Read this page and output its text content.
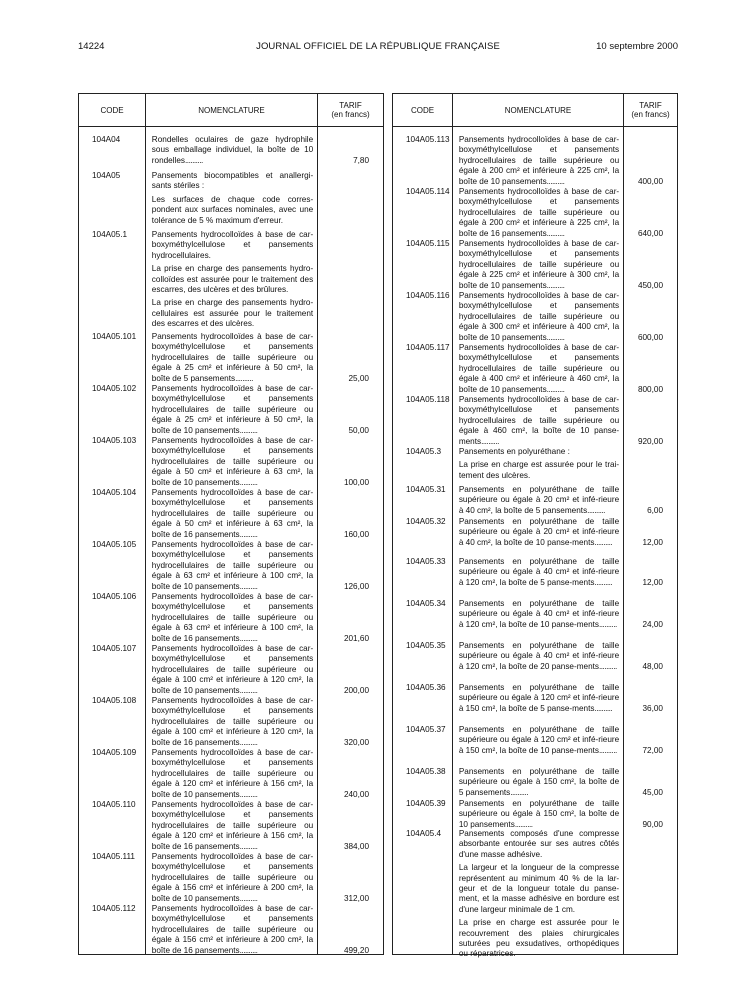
14224	JOURNAL OFFICIEL DE LA RÉPUBLIQUE FRANÇAISE	10 septembre 2000
CODE	NOMENCLATURE	TARIF
(en francs)

104A04	Rondelles oculaires de gaze hydrophile sous emballage individuel, la boîte de 10 rondelles..........	7,80
104A05	Pansements biocompatibles et anallergi-sants stériles :

Les surfaces de chaque code corres-pondent aux surfaces nominales, avec une tolérance de 5 % maximum d'erreur.

104A05.1	Pansements hydrocolloïdes à base de car-boxyméthylcellulose et pansements hydrocellulaires.

La prise en charge des pansements hydro-colloïdes est assurée pour le traitement des escarres, des ulcères et des brûlures.

La prise en charge des pansements hydro-cellulaires est assurée pour le traitement des escarres et des ulcères.

104A05.101	Pansements hydrocolloïdes à base de car-boxyméthylcellulose et pansements hydrocellulaires de taille supérieure ou égale à 25 cm² et inférieure à 50 cm², la boîte de 5 pansements..........	25,00
104A05.102	Pansements hydrocolloïdes à base de car-boxyméthylcellulose et pansements hydrocellulaires de taille supérieure ou égale à 25 cm² et inférieure à 50 cm², la boîte de 10 pansements..........	50,00
104A05.103	Pansements hydrocolloïdes à base de car-boxyméthylcellulose et pansements hydrocellulaires de taille supérieure ou égale à 50 cm² et inférieure à 63 cm², la boîte de 10 pansements..........	100,00
104A05.104	Pansements hydrocolloïdes à base de car-boxyméthylcellulose et pansements hydrocellulaires de taille supérieure ou égale à 50 cm² et inférieure à 63 cm², la boîte de 16 pansements..........	160,00
104A05.105	Pansements hydrocolloïdes à base de car-boxyméthylcellulose et pansements hydrocellulaires de taille supérieure ou égale à 63 cm² et inférieure à 100 cm², la boîte de 10 pansements..........	126,00
104A05.106	Pansements hydrocolloïdes à base de car-boxyméthylcellulose et pansements hydrocellulaires de taille supérieure ou égale à 63 cm² et inférieure à 100 cm², la boîte de 16 pansements..........	201,60
104A05.107	Pansements hydrocolloïdes à base de car-boxyméthylcellulose et pansements hydrocellulaires de taille supérieure ou égale à 100 cm² et inférieure à 120 cm², la boîte de 10 pansements..........	200,00
104A05.108	Pansements hydrocolloïdes à base de car-boxyméthylcellulose et pansements hydrocellulaires de taille supérieure ou égale à 100 cm² et inférieure à 120 cm², la boîte de 16 pansements..........	320,00
104A05.109	Pansements hydrocolloïdes à base de car-boxyméthylcellulose et pansements hydrocellulaires de taille supérieure ou égale à 120 cm² et inférieure à 156 cm², la boîte de 10 pansements..........	240,00
104A05.110	Pansements hydrocolloïdes à base de car-boxyméthylcellulose et pansements hydrocellulaires de taille supérieure ou égale à 120 cm² et inférieure à 156 cm², la boîte de 16 pansements..........	384,00
104A05.111	Pansements hydrocolloïdes à base de car-boxyméthylcellulose et pansements hydrocellulaires de taille supérieure ou égale à 156 cm² et inférieure à 200 cm², la boîte de 10 pansements..........	312,00
104A05.112	Pansements hydrocolloïdes à base de car-boxyméthylcellulose et pansements hydrocellulaires de taille supérieure ou égale à 156 cm² et inférieure à 200 cm², la boîte de 16 pansements..........	499,20
CODE	NOMENCLATURE	TARIF
(en francs)

104A05.113	Pansements hydrocolloïdes à base de car-boxyméthylcellulose et pansements hydrocellulaires de taille supérieure ou égale à 200 cm² et inférieure à 225 cm², la boîte de 10 pansements..........	400,00
104A05.114	Pansements hydrocolloïdes à base de car-boxyméthylcellulose et pansements hydrocellulaires de taille supérieure ou égale à 200 cm² et inférieure à 225 cm², la boîte de 16 pansements..........	640,00
104A05.115	Pansements hydrocolloïdes à base de car-boxyméthylcellulose et pansements hydrocellulaires de taille supérieure ou égale à 225 cm² et inférieure à 300 cm², la boîte de 10 pansements..........	450,00
104A05.116	Pansements hydrocolloïdes à base de car-boxyméthylcellulose et pansements hydrocellulaires de taille supérieure ou égale à 300 cm² et inférieure à 400 cm², la boîte de 10 pansements..........	600,00
104A05.117	Pansements hydrocolloïdes à base de car-boxyméthylcellulose et pansements hydrocellulaires de taille supérieure ou égale à 400 cm² et inférieure à 460 cm², la boîte de 10 pansements..........	800,00
104A05.118	Pansements hydrocolloïdes à base de car-boxyméthylcellulose et pansements hydrocellulaires de taille supérieure ou égale à 460 cm², la boîte de 10 panse-ments..........	920,00
104A05.3	Pansements en polyuréthane :

La prise en charge est assurée pour le trai-tement des ulcères.

104A05.31	Pansements en polyuréthane de taille supérieure ou égale à 20 cm² et infé-rieure à 40 cm², la boîte de 5 pansements..........	6,00
104A05.32	Pansements en polyuréthane de taille supérieure ou égale à 20 cm² et infé-rieure à 40 cm², la boîte de 10 panse-ments..........	12,00
104A05.33	Pansements en polyuréthane de taille supérieure ou égale à 40 cm² et infé-rieure à 120 cm², la boîte de 5 panse-ments..........	12,00
104A05.34	Pansements en polyuréthane de taille supérieure ou égale à 40 cm² et infé-rieure à 120 cm², la boîte de 10 panse-ments..........	24,00
104A05.35	Pansements en polyuréthane de taille supérieure ou égale à 40 cm² et infé-rieure à 120 cm², la boîte de 20 panse-ments..........	48,00
104A05.36	Pansements en polyuréthane de taille supérieure ou égale à 120 cm² et infé-rieure à 150 cm², la boîte de 5 panse-ments..........	36,00
104A05.37	Pansements en polyuréthane de taille supérieure ou égale à 120 cm² et infé-rieure à 150 cm², la boîte de 10 panse-ments..........	72,00
104A05.38	Pansements en polyuréthane de taille supérieure ou égale à 150 cm², la boîte de 5 pansements..........	45,00
104A05.39	Pansements en polyuréthane de taille supérieure ou égale à 150 cm², la boîte de 10 pansements..........	90,00
104A05.4	Pansements composés d'une compresse absorbante entourée sur ses autres côtés d'une masse adhésive.

La largeur et la longueur de la compresse représentent au minimum 40 % de la lar-geur et de la longueur totale du panse-ment, et la masse adhésive en bordure est d'une largeur minimale de 1 cm.

La prise en charge est assurée pour le recouvrement des plaies chirurgicales suturées peu exsudatives, orthopédiques ou réparatrices.
